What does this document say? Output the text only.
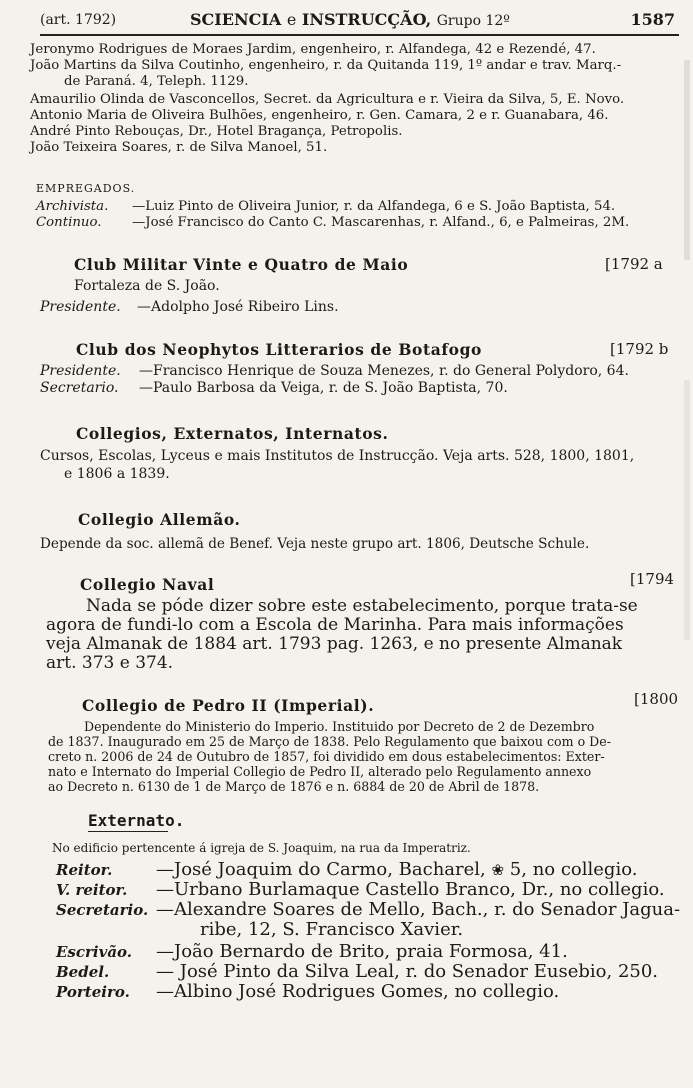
(art. 1792)	SCIENCIA e INSTRUCÇÃO, Grupo 12º	1587
Jeronymo Rodrigues de Moraes Jardim, engenheiro, r. Alfandega, 42 e Rezendé, 47.
João Martins da Silva Coutinho, engenheiro, r. da Quitanda 119, 1º andar e trav. Marq.-
de Paraná. 4, Teleph. 1129.
Amaurilio Olinda de Vasconcellos, Secret. da Agricultura e r. Vieira da Silva, 5, E. Novo.
Antonio Maria de Oliveira Bulhões, engenheiro, r. Gen. Camara, 2 e r. Guanabara, 46.
André Pinto Rebouças, Dr., Hotel Bragança, Petropolis.
João Teixeira Soares, r. de Silva Manoel, 51.
EMPREGADOS.
Archivista. —Luiz Pinto de Oliveira Junior, r. da Alfandega, 6 e S. João Baptista, 54.
Continuo. —José Francisco do Canto C. Mascarenhas, r. Alfand., 6, e Palmeiras, 2M.
Club Militar Vinte e Quatro de Maio	[1792 a
Fortaleza de S. João.
Presidente. —Adolpho José Ribeiro Lins.
Club dos Neophytos Litterarios de Botafogo	[1792 b
Presidente. —Francisco Henrique de Souza Menezes, r. do General Polydoro, 64.
Secretario. —Paulo Barbosa da Veiga, r. de S. João Baptista, 70.
Collegios, Externatos, Internatos.
Cursos, Escolas, Lyceus e mais Institutos de Instrucção. Veja arts. 528, 1800, 1801,
e 1806 a 1839.
Collegio Allemão.
Depende da soc. allemã de Benef. Veja neste grupo art. 1806, Deutsche Schule.
Collegio Naval	[1794
Nada se póde dizer sobre este estabelecimento, porque trata-se
agora de fundi-lo com a Escola de Marinha. Para mais informações
veja Almanak de 1884 art. 1793 pag. 1263, e no presente Almanak
art. 373 e 374.
Collegio de Pedro II (Imperial).	[1800
Dependente do Ministerio do Imperio. Instituido por Decreto de 2 de Dezembro
de 1837. Inaugurado em 25 de Março de 1838. Pelo Regulamento que baixou com o De-
creto n. 2006 de 24 de Outubro de 1857, foi dividido em dous estabelecimentos: Exter-
nato e Internato do Imperial Collegio de Pedro II, alterado pelo Regulamento annexo
ao Decreto n. 6130 de 1 de Março de 1876 e n. 6884 de 20 de Abril de 1878.
Externato.
No edificio pertencente á igreja de S. Joaquim, na rua da Imperatriz.
Reitor. —José Joaquim do Carmo, Bacharel, ❀ 5, no collegio.
V. reitor. —Urbano Burlamaque Castello Branco, Dr., no collegio.
Secretario. —Alexandre Soares de Mello, Bach., r. do Senador Jagua-
ribe, 12, S. Francisco Xavier.
Escrivão. —João Bernardo de Brito, praia Formosa, 41.
Bedel.	— José Pinto da Silva Leal, r. do Senador Eusebio, 250.
Porteiro. —Albino José Rodrigues Gomes, no collegio.
